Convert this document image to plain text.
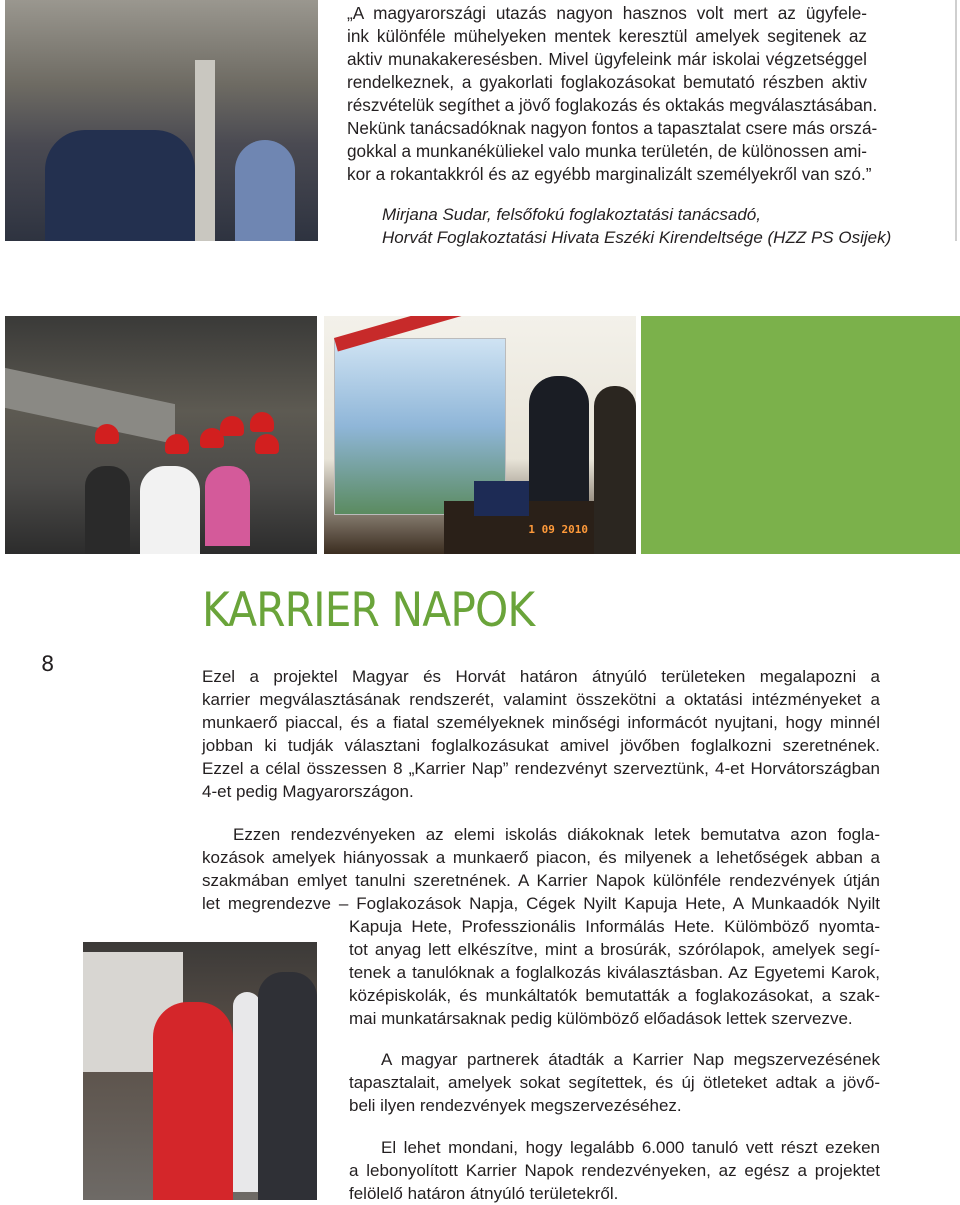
1 09 2010
„A magyarországi utazás nagyon hasznos volt mert az ügyfele-
ink különféle mühelyeken mentek keresztül amelyek segitenek az
aktiv munakakeresésben. Mivel ügyfeleink már iskolai végzetséggel
rendelkeznek, a gyakorlati foglakozásokat bemutató részben aktiv
részvételük segíthet a jövő foglakozás és oktakás megválasztásában.
Nekünk tanácsadóknak nagyon fontos a tapasztalat csere más orszá-
gokkal a munkanéküliekel valo munka területén, de különossen ami-
kor a rokantakkról és az egyébb marginalizált személyekről van szó.”
Mirjana Sudar, felsőfokú foglakoztatási tanácsadó,
Horvát Foglakoztatási Hivata Eszéki Kirendeltsége (HZZ PS Osijek)
8
KARRIER NAPOK
Ezel a projektel Magyar és Horvát határon átnyúló területeken megalapozni a
karrier megválasztásának rendszerét, valamint összekötni a oktatási intézményeket a
munkaerő piaccal, és a fiatal személyeknek minőségi informácót nyujtani, hogy minnél
jobban ki tudják választani foglalkozásukat amivel jövőben foglalkozni szeretnének.
Ezzel a célal összessen 8 „Karrier Nap” rendezvényt szerveztünk, 4-et Horvátországban
4-et pedig Magyarországon.
Ezzen rendezvényeken az elemi iskolás diákoknak letek bemutatva azon fogla-
kozások amelyek hiányossak a munkaerő piacon, és milyenek a lehetőségek abban a
szakmában emlyet tanulni szeretnének. A Karrier Napok különféle rendezvények útján
let megrendezve – Foglakozások Napja, Cégek Nyilt Kapuja Hete, A Munkaadók Nyilt
Kapuja Hete, Professzionális Informálás Hete. Külömböző nyomta-
tot anyag lett elkészítve, mint a brosúrák, szórólapok, amelyek segí-
tenek a tanulóknak a foglalkozás kiválasztásban. Az Egyetemi Karok,
középiskolák, és munkáltatók bemutatták a foglakozásokat, a szak-
mai munkatársaknak pedig külömböző előadások lettek szervezve.
A magyar partnerek átadták a Karrier Nap megszervezésének
tapasztalait, amelyek sokat segítettek, és új ötleteket adtak a jövő-
beli ilyen rendezvények megszervezéséhez.
El lehet mondani, hogy legalább 6.000 tanuló vett részt ezeken
a lebonyolított Karrier Napok rendezvényeken, az egész a projektet
felölelő határon átnyúló területekről.
